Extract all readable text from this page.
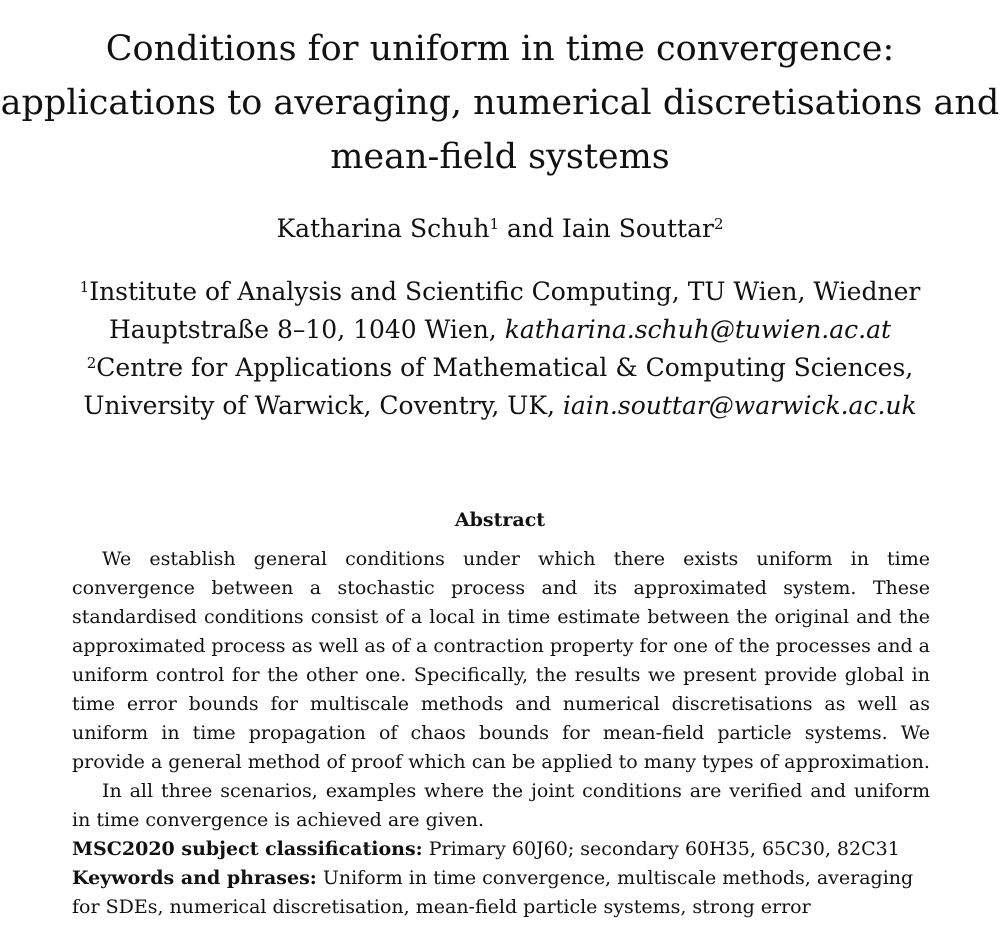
Conditions for uniform in time convergence:
applications to averaging, numerical discretisations and
mean-field systems
Katharina Schuh$^1$ and Iain Souttar$^2$
$^1$Institute of Analysis and Scientific Computing, TU Wien, Wiedner
Hauptstraße 8–10, 1040 Wien, katharina.schuh@tuwien.ac.at
$^2$Centre for Applications of Mathematical & Computing Sciences,
University of Warwick, Coventry, UK, iain.souttar@warwick.ac.uk
Abstract

We establish general conditions under which there exists uniform in time convergence between a stochastic process and its approximated system. These standardised conditions consist of a local in time estimate between the original and the approximated process as well as of a contraction property for one of the processes and a uniform control for the other one. Specifically, the results we present provide global in time error bounds for multiscale methods and numerical discretisations as well as uniform in time propagation of chaos bounds for mean-field particle systems. We provide a general method of proof which can be applied to many types of approximation.

In all three scenarios, examples where the joint conditions are verified and uniform in time convergence is achieved are given.

MSC2020 subject classifications: Primary 60J60; secondary 60H35, 65C30, 82C31
Keywords and phrases: Uniform in time convergence, multiscale methods, averaging for SDEs, numerical discretisation, mean-field particle systems, strong error
